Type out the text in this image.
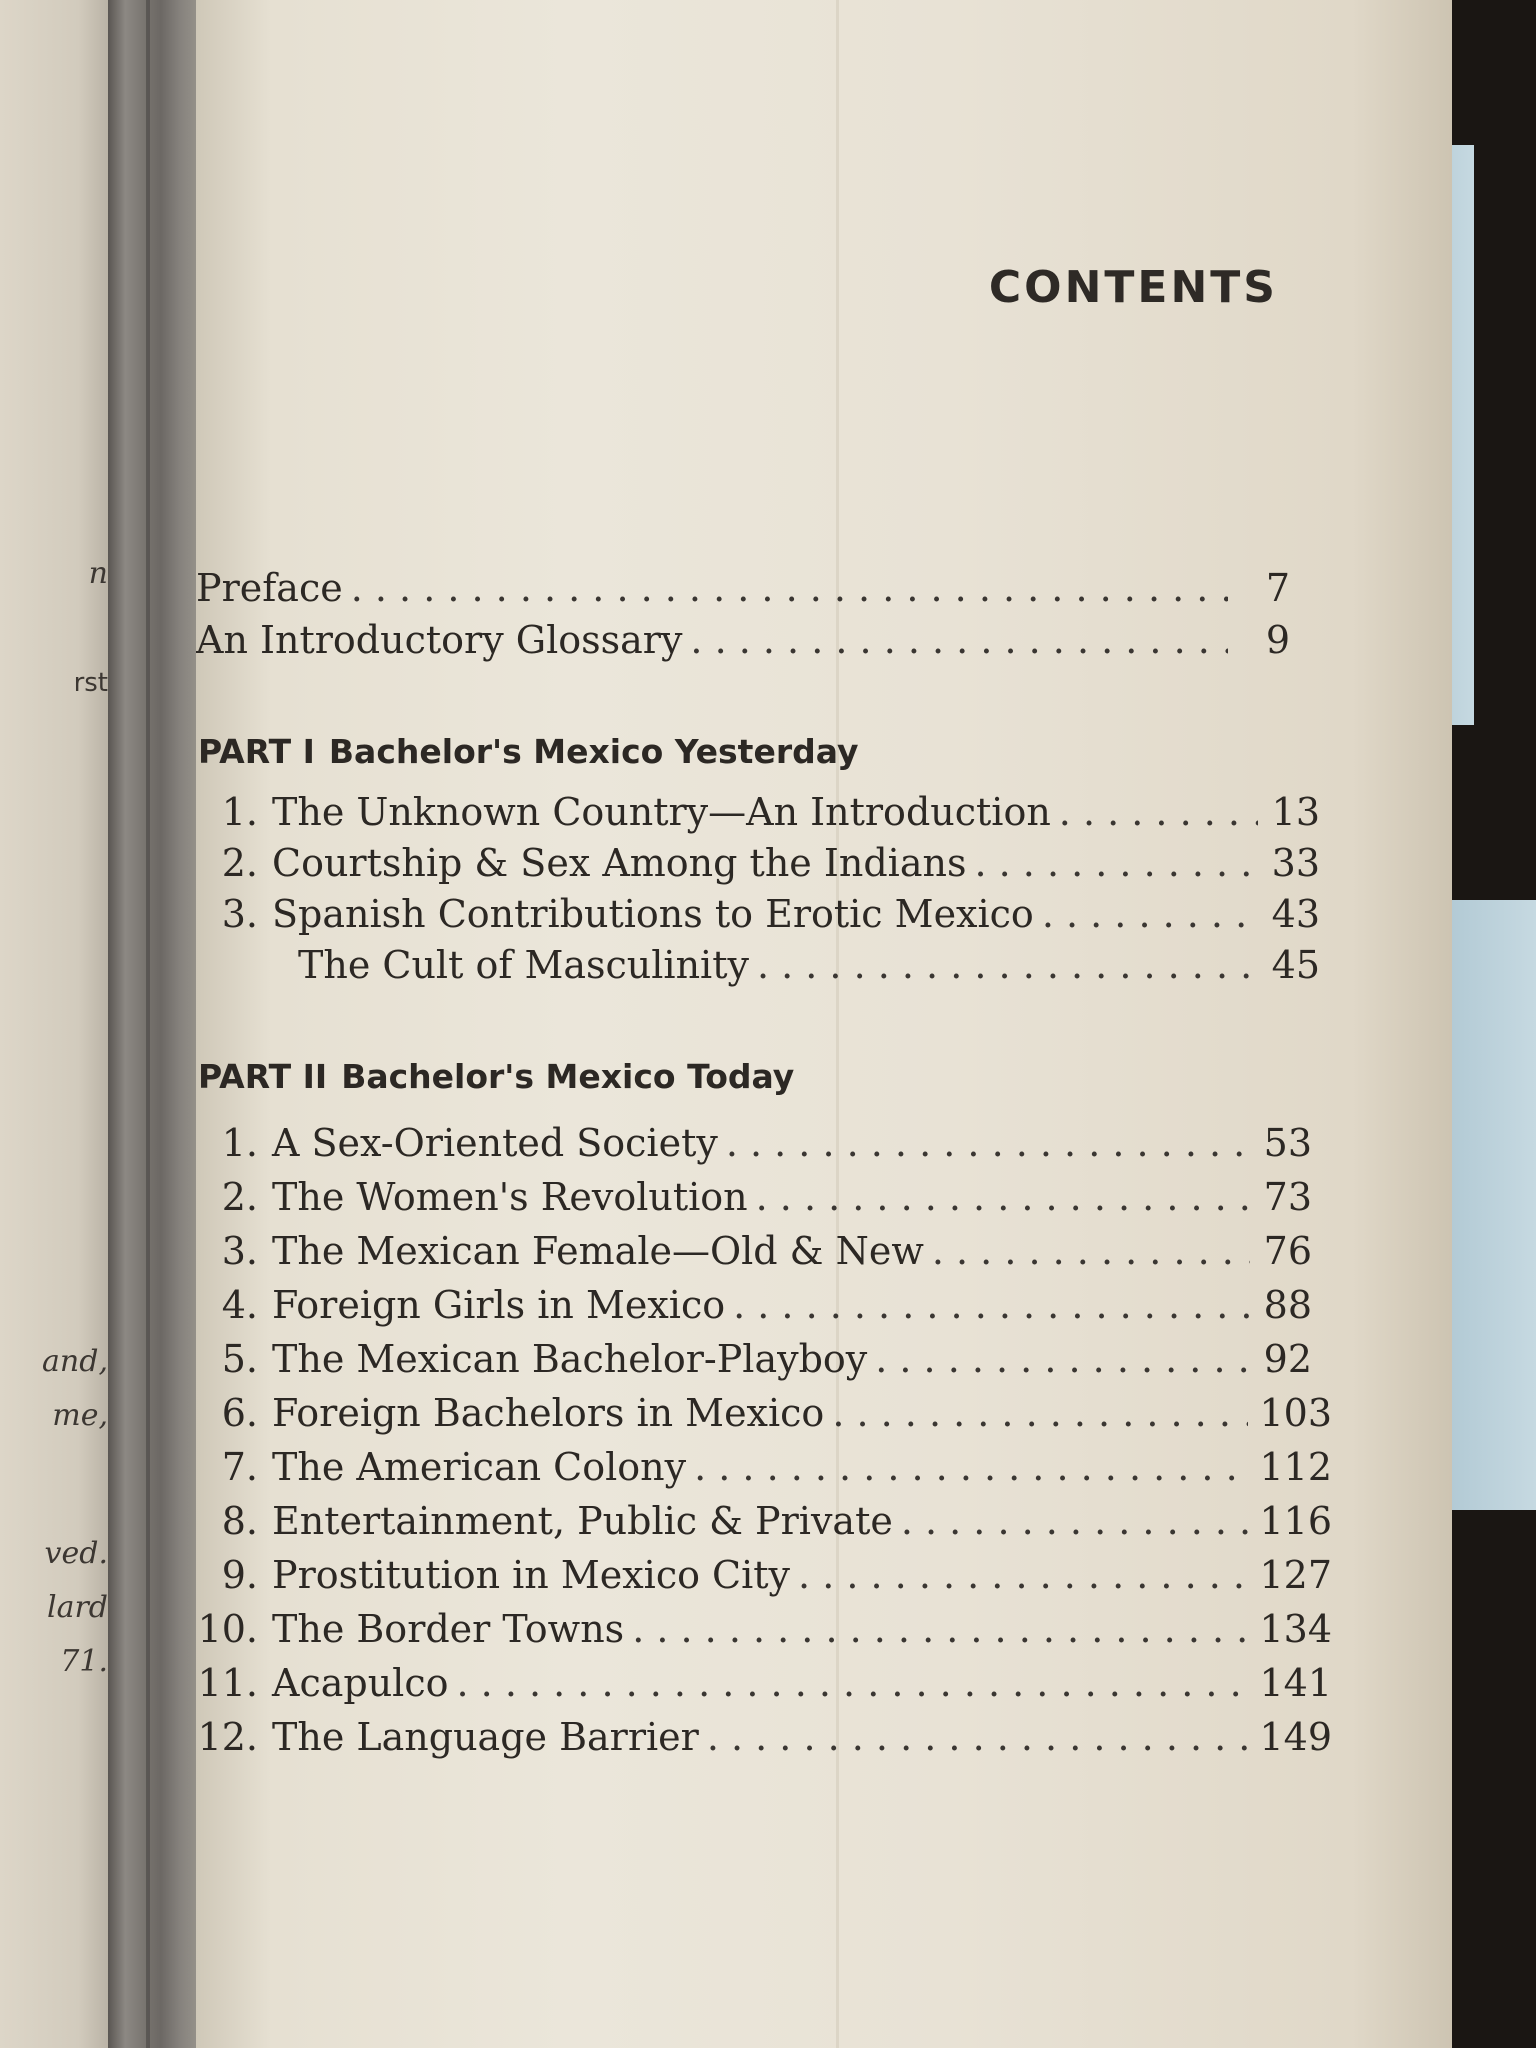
n
rst
and,
me,
ved.
lard
71.
CONTENTS
Preface . . .	7
An Introductory Glossary . . .	9
PART I Bachelor's Mexico Yesterday
1. The Unknown Country—An Introduction . . .	13
2. Courtship & Sex Among the Indians . . .	33
3. Spanish Contributions to Erotic Mexico . . .	43
The Cult of Masculinity . . .	45
PART II Bachelor's Mexico Today
1. A Sex-Oriented Society . . .	53
2. The Women's Revolution . . .	73
3. The Mexican Female—Old & New . . .	76
4. Foreign Girls in Mexico . . .	88
5. The Mexican Bachelor-Playboy . . .	92
6. Foreign Bachelors in Mexico . . .	103
7. The American Colony . . .	112
8. Entertainment, Public & Private . . .	116
9. Prostitution in Mexico City . . .	127
10. The Border Towns . . .	134
11. Acapulco . . .	141
12. The Language Barrier . . .	149
